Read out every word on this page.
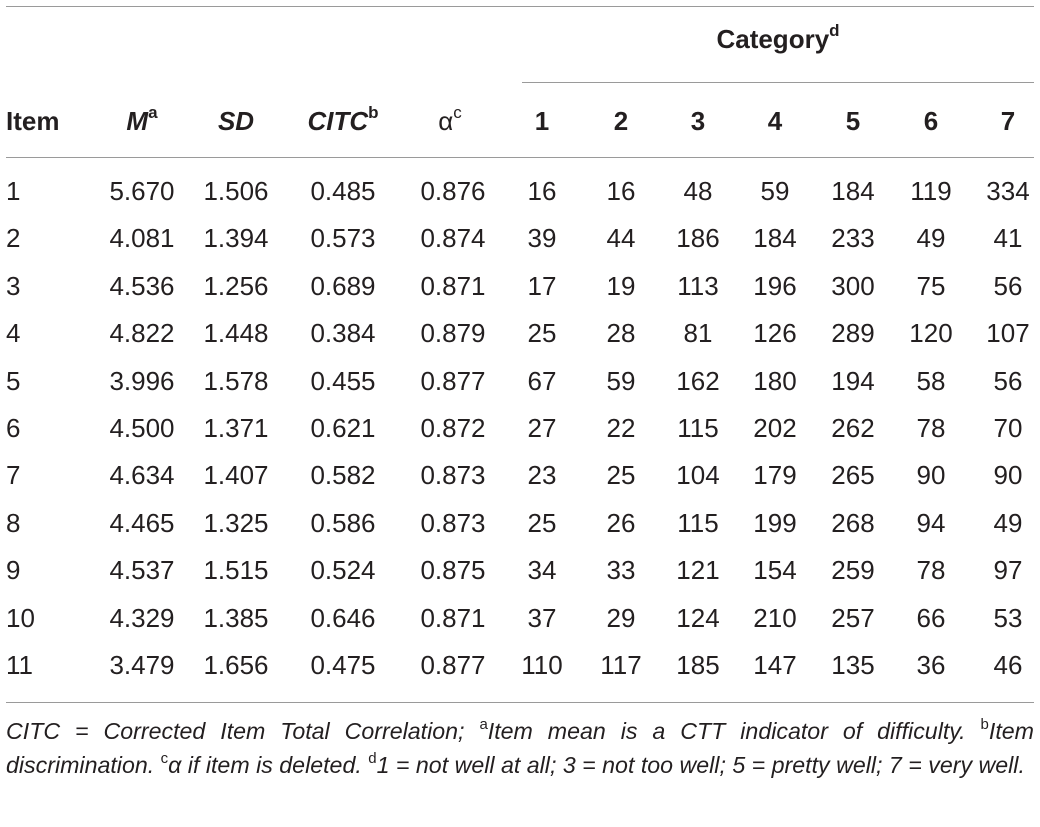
Category$^d$
Item	$M^a$	SD	CITC$^b$	$\alpha^c$	1	2	3	4	5	6	7
1	5.670	1.506	0.485	0.876	16	16	48	59	184	119	334
2	4.081	1.394	0.573	0.874	39	44	186	184	233	49	41
3	4.536	1.256	0.689	0.871	17	19	113	196	300	75	56
4	4.822	1.448	0.384	0.879	25	28	81	126	289	120	107
5	3.996	1.578	0.455	0.877	67	59	162	180	194	58	56
6	4.500	1.371	0.621	0.872	27	22	115	202	262	78	70
7	4.634	1.407	0.582	0.873	23	25	104	179	265	90	90
8	4.465	1.325	0.586	0.873	25	26	115	199	268	94	49
9	4.537	1.515	0.524	0.875	34	33	121	154	259	78	97
10	4.329	1.385	0.646	0.871	37	29	124	210	257	66	53
11	3.479	1.656	0.475	0.877	110	117	185	147	135	36	46
CITC = Corrected Item Total Correlation; $^a$Item mean is a CTT indicator of difficulty. $^b$Item discrimination. $^c$α if item is deleted. $^d$1 = not well at all; 3 = not too well; 5 = pretty well; 7 = very well.
